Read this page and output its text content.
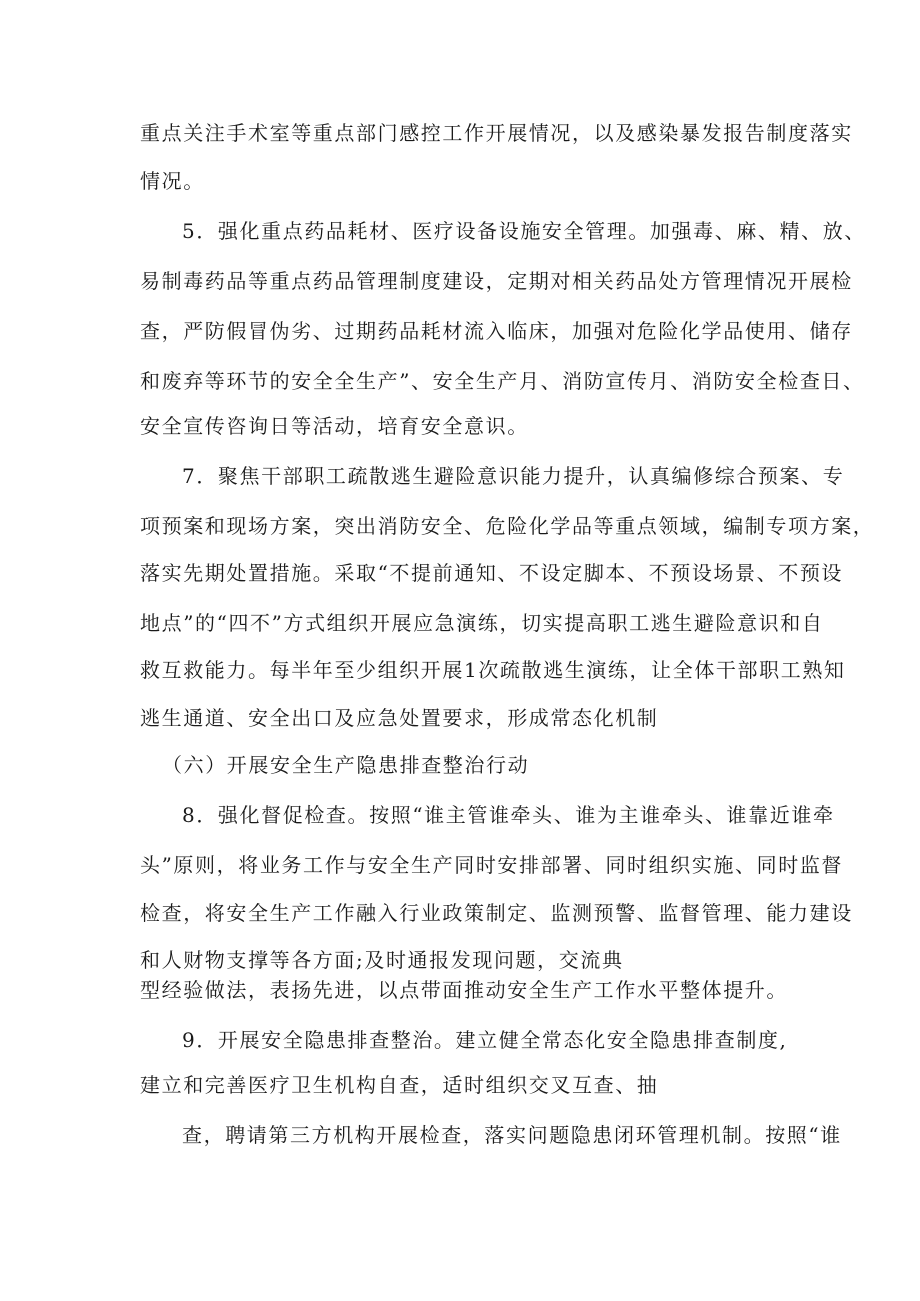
重点关注手术室等重点部门感控工作开展情况，以及感染暴发报告制度落实
情况。
5．强化重点药品耗材、医疗设备设施安全管理。加强毒、麻、精、放、
易制毒药品等重点药品管理制度建设，定期对相关药品处方管理情况开展检
查，严防假冒伪劣、过期药品耗材流入临床，加强对危险化学品使用、储存
和废弃等环节的安全全生产”、安全生产月、消防宣传月、消防安全检查日、
安全宣传咨询日等活动，培育安全意识。
7．聚焦干部职工疏散逃生避险意识能力提升，认真编修综合预案、专
项预案和现场方案，突出消防安全、危险化学品等重点领域，编制专项方案，
落实先期处置措施。采取“不提前通知、不设定脚本、不预设场景、不预设
地点”的“四不”方式组织开展应急演练，切实提高职工逃生避险意识和自
救互救能力。每半年至少组织开展1次疏散逃生演练，让全体干部职工熟知
逃生通道、安全出口及应急处置要求，形成常态化机制
（六）开展安全生产隐患排查整治行动
8．强化督促检查。按照“谁主管谁牵头、谁为主谁牵头、谁靠近谁牵
头”原则，将业务工作与安全生产同时安排部署、同时组织实施、同时监督
检查，将安全生产工作融入行业政策制定、监测预警、监督管理、能力建设
和人财物支撑等各方面;及时通报发现问题，交流典
型经验做法，表扬先进，以点带面推动安全生产工作水平整体提升。
9．开展安全隐患排查整治。建立健全常态化安全隐患排查制度,
建立和完善医疗卫生机构自查，适时组织交叉互查、抽
查，聘请第三方机构开展检查，落实问题隐患闭环管理机制。按照“谁
